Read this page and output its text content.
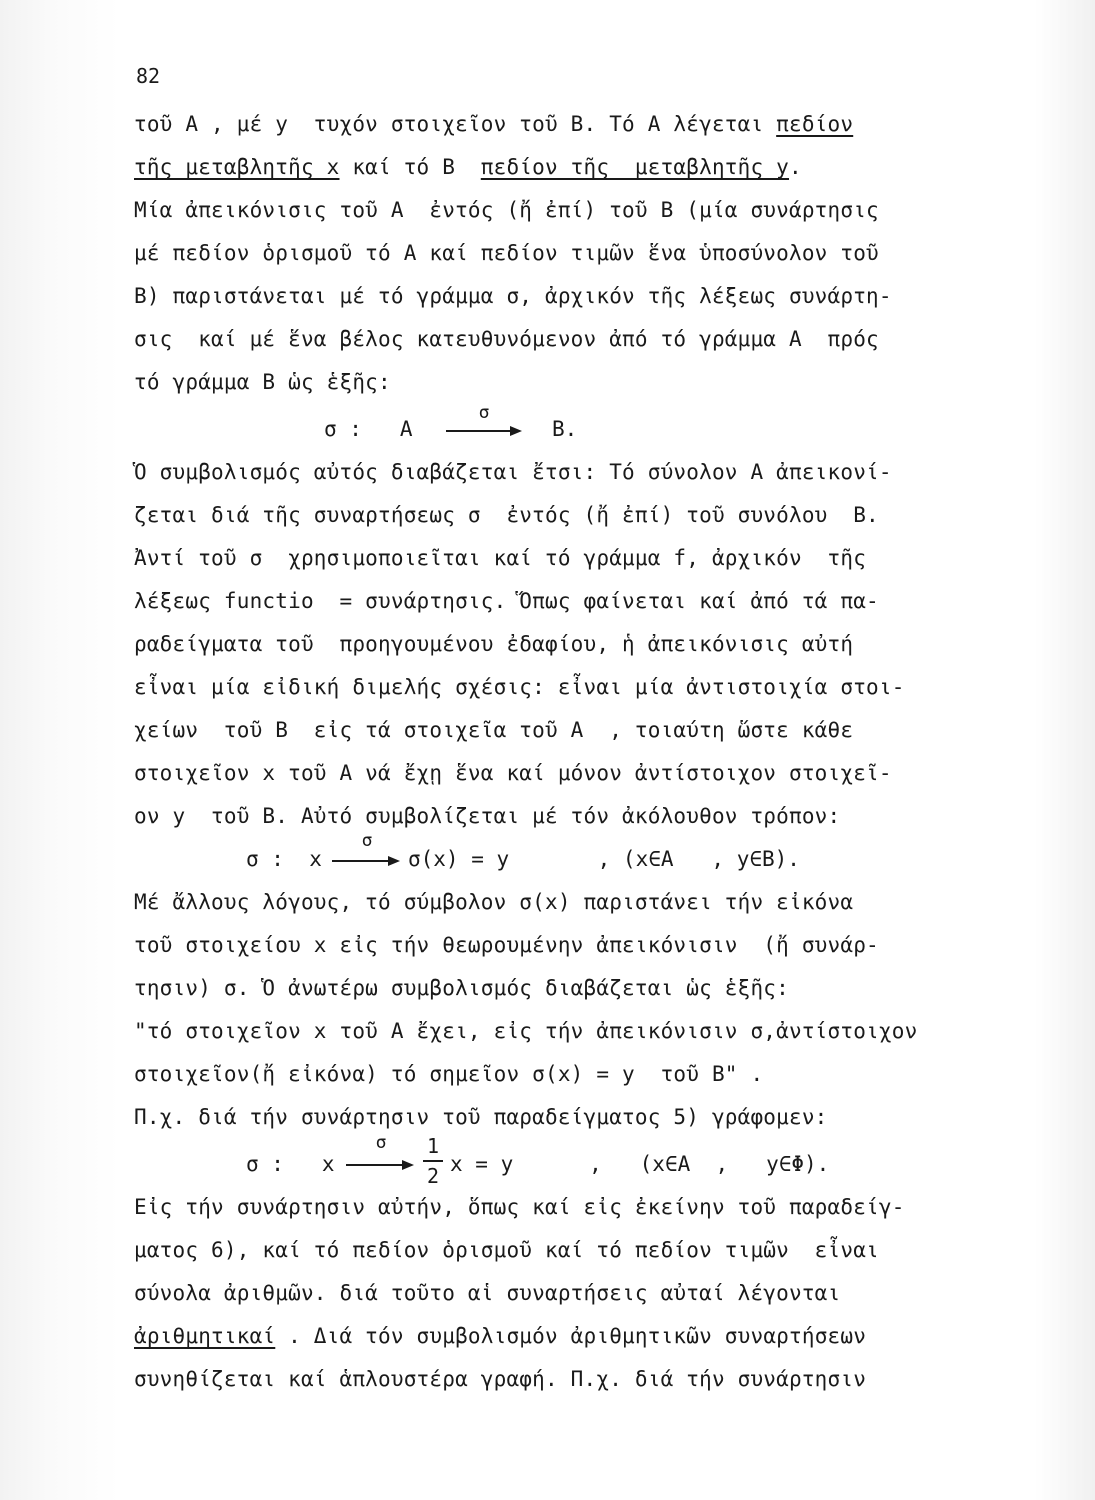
82
τοῦ Α , μέ y  τυχόν στοιχεῖον τοῦ Β. Τό Α λέγεται πεδίον
τῆς μεταβλητῆς x καί τό Β  πεδίον τῆς  μεταβλητῆς y.
Μία ἀπεικόνισις τοῦ Α  ἐντός (ἤ ἐπί) τοῦ Β (μία συνάρτησις
μέ πεδίον ὁρισμοῦ τό Α καί πεδίον τιμῶν ἕνα ὑποσύνολον τοῦ
Β) παριστάνεται μέ τό γράμμα σ, ἀρχικόν τῆς λέξεως συνάρτη-
σις  καί μέ ἕνα βέλος κατευθυνόμενον ἀπό τό γράμμα Α  πρός
τό γράμμα Β ὡς ἑξῆς:
σ :   Α
σ
Β.
Ὁ συμβολισμός αὐτός διαβάζεται ἔτσι: Τό σύνολον Α ἀπεικονί-
ζεται διά τῆς συναρτήσεως σ  ἐντός (ἤ ἐπί) τοῦ συνόλου  Β.
Ἀντί τοῦ σ  χρησιμοποιεῖται καί τό γράμμα f, ἀρχικόν  τῆς
λέξεως functio  = συνάρτησις. Ὅπως φαίνεται καί ἀπό τά πα-
ραδείγματα τοῦ  προηγουμένου ἐδαφίου, ἡ ἀπεικόνισις αὐτή
εἶναι μία εἰδική διμελής σχέσις: εἶναι μία ἀντιστοιχία στοι-
χείων  τοῦ Β  εἰς τά στοιχεῖα τοῦ Α  , τοιαύτη ὥστε κάθε
στοιχεῖον x τοῦ Α νά ἔχῃ ἕνα καί μόνον ἀντίστοιχον στοιχεῖ-
ον y  τοῦ Β. Αὐτό συμβολίζεται μέ τόν ἀκόλουθον τρόπον:
σ :  x
σ
σ(x) = y       , (x∈Α   , y∈Β).
Μέ ἄλλους λόγους, τό σύμβολον σ(x) παριστάνει τήν εἰκόνα
τοῦ στοιχείου x εἰς τήν θεωρουμένην ἀπεικόνισιν  (ἤ συνάρ-
τησιν) σ. Ὁ ἀνωτέρω συμβολισμός διαβάζεται ὡς ἑξῆς:
"τό στοιχεῖον x τοῦ Α ἔχει, εἰς τήν ἀπεικόνισιν σ,ἀντίστοιχον
στοιχεῖον(ἤ εἰκόνα) τό σημεῖον σ(x) = y  τοῦ Β" .
Π.χ. διά τήν συνάρτησιν τοῦ παραδείγματος 5) γράφομεν:
σ :   x
σ	1
2 x = y      ,   (x∈Α  ,   y∈Φ).
Εἰς τήν συνάρτησιν αὐτήν, ὅπως καί εἰς ἐκείνην τοῦ παραδείγ-
ματος 6), καί τό πεδίον ὁρισμοῦ καί τό πεδίον τιμῶν  εἶναι
σύνολα ἀριθμῶν. διά τοῦτο αἱ συναρτήσεις αὐταί λέγονται
ἀριθμητικαί . Διά τόν συμβολισμόν ἀριθμητικῶν συναρτήσεων
συνηθίζεται καί ἁπλουστέρα γραφή. Π.χ. διά τήν συνάρτησιν
